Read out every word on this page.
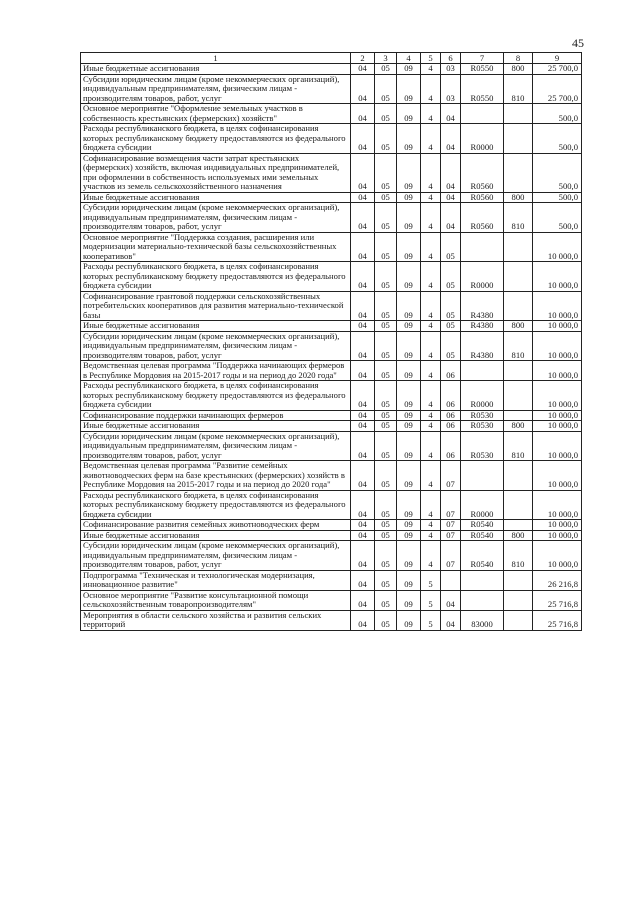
45
1	2	3	4	5	6	7	8	9
Иные бюджетные ассигнования	04	05	09	4	03	R0550	800	25 700,0
Субсидии юридическим лицам (кроме некоммерческих организаций), индивидуальным предпринимателям, физическим лицам - производителям товаров, работ, услуг	04	05	09	4	03	R0550	810	25 700,0
Основное мероприятие "Оформление земельных участков в собственность крестьянских (фермерских) хозяйств"	04	05	09	4	04			500,0
Расходы республиканского бюджета, в целях софинансирования которых республиканскому бюджету предоставляются из федерального бюджета субсидии	04	05	09	4	04	R0000		500,0
Софинансирование возмещения части затрат крестьянских (фермерских) хозяйств, включая индивидуальных предпринимателей, при оформлении в собственность используемых ими земельных участков из земель сельскохозяйственного назначения	04	05	09	4	04	R0560		500,0
Иные бюджетные ассигнования	04	05	09	4	04	R0560	800	500,0
Субсидии юридическим лицам (кроме некоммерческих организаций), индивидуальным предпринимателям, физическим лицам - производителям товаров, работ, услуг	04	05	09	4	04	R0560	810	500,0
Основное мероприятие "Поддержка создания, расширения или модернизации материально-технической базы сельскохозяйственных кооперативов"	04	05	09	4	05			10 000,0
Расходы республиканского бюджета, в целях софинансирования которых республиканскому бюджету предоставляются из федерального бюджета субсидии	04	05	09	4	05	R0000		10 000,0
Софинансирование грантовой поддержки сельскохозяйственных потребительских кооперативов для развития материально-технической базы	04	05	09	4	05	R4380		10 000,0
Иные бюджетные ассигнования	04	05	09	4	05	R4380	800	10 000,0
Субсидии юридическим лицам (кроме некоммерческих организаций), индивидуальным предпринимателям, физическим лицам - производителям товаров, работ, услуг	04	05	09	4	05	R4380	810	10 000,0
Ведомственная целевая программа "Поддержка начинающих фермеров в Республике Мордовия на 2015-2017 годы и на период до 2020 года"	04	05	09	4	06			10 000,0
Расходы республиканского бюджета, в целях софинансирования которых республиканскому бюджету предоставляются из федерального бюджета субсидии	04	05	09	4	06	R0000		10 000,0
Софинансирование поддержки начинающих фермеров	04	05	09	4	06	R0530		10 000,0
Иные бюджетные ассигнования	04	05	09	4	06	R0530	800	10 000,0
Субсидии юридическим лицам (кроме некоммерческих организаций), индивидуальным предпринимателям, физическим лицам - производителям товаров, работ, услуг	04	05	09	4	06	R0530	810	10 000,0
Ведомственная целевая программа "Развитие семейных животноводческих ферм на базе крестьянских (фермерских) хозяйств в Республике Мордовия на 2015-2017 годы и на период до 2020 года"	04	05	09	4	07			10 000,0
Расходы республиканского бюджета, в целях софинансирования которых республиканскому бюджету предоставляются из федерального бюджета субсидии	04	05	09	4	07	R0000		10 000,0
Софинансирование развития семейных животноводческих ферм	04	05	09	4	07	R0540		10 000,0
Иные бюджетные ассигнования	04	05	09	4	07	R0540	800	10 000,0
Субсидии юридическим лицам (кроме некоммерческих организаций), индивидуальным предпринимателям, физическим лицам - производителям товаров, работ, услуг	04	05	09	4	07	R0540	810	10 000,0
Подпрограмма "Техническая и технологическая модернизация, инновационное развитие"	04	05	09	5				26 216,8
Основное мероприятие "Развитие консультационной помощи сельскохозяйственным товаропроизводителям"	04	05	09	5	04			25 716,8
Мероприятия в области сельского хозяйства и развития сельских территорий	04	05	09	5	04	83000		25 716,8
